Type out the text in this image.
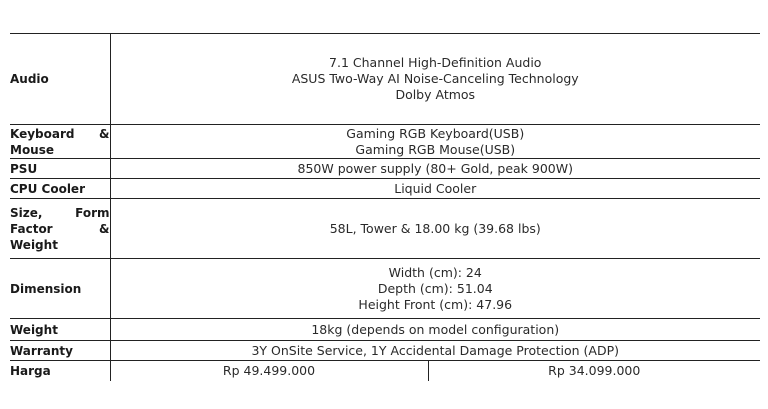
Audio	7.1 Channel High-Definition Audio
ASUS Two-Way AI Noise-Canceling Technology
Dolby Atmos	

Keyboard &
Mouse	Gaming RGB Keyboard(USB)
Gaming RGB Mouse(USB)	

PSU	850W power supply (80+ Gold, peak 900W)	
CPU Cooler	Liquid Cooler	

Size, Form
Factor &
Weight	58L, Tower & 18.00 kg (39.68 lbs)	
Dimension	Width (cm): 24
Depth (cm): 51.04
Height Front (cm): 47.96	

Weight	18kg (depends on model configuration)	
Warranty	3Y OnSite Service, 1Y Accidental Damage Protection (ADP)	
Harga	Rp 49.499.000	Rp 34.099.000
